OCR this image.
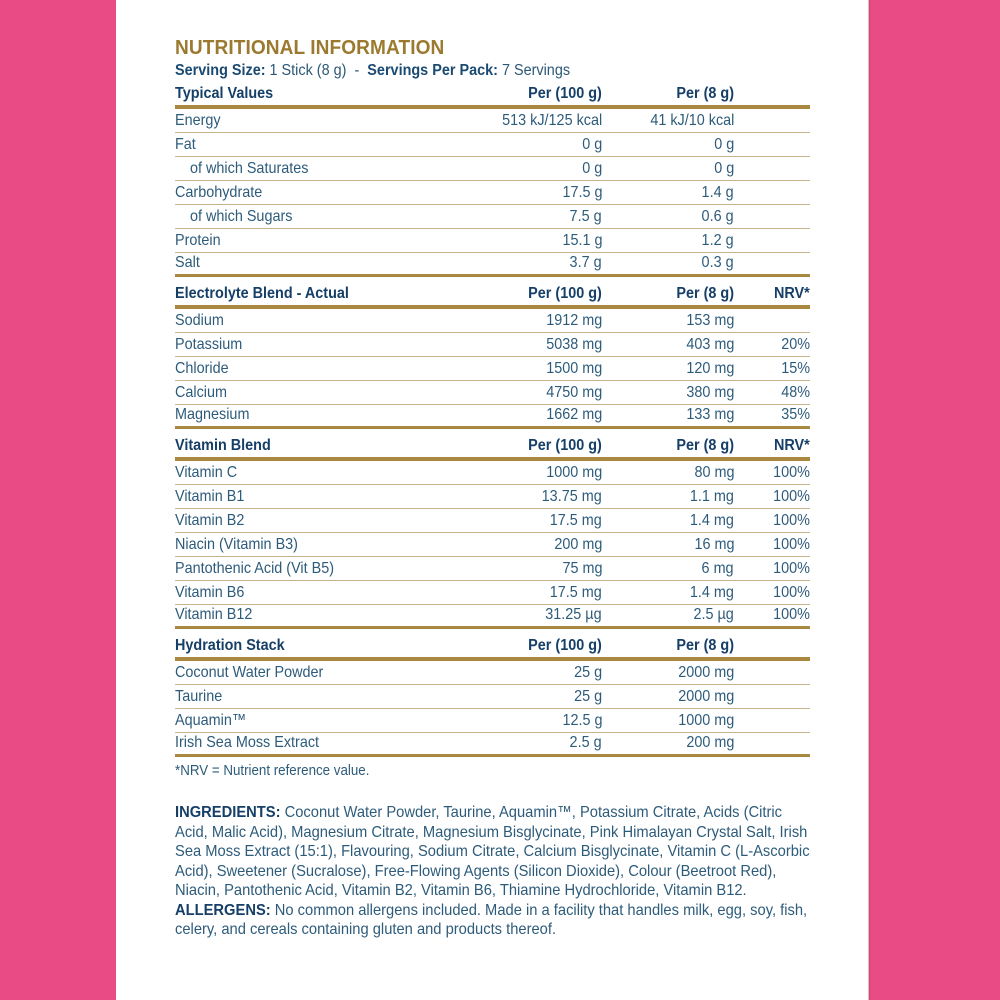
NUTRITIONAL INFORMATION
Serving Size: 1 Stick (8 g) - Servings Per Pack: 7 Servings
Typical Values	Per (100 g)	Per (8 g)
Energy	513 kJ/125 kcal	41 kJ/10 kcal
Fat	0 g	0 g
of which Saturates	0 g	0 g
Carbohydrate	17.5 g	1.4 g
of which Sugars	7.5 g	0.6 g
Protein	15.1 g	1.2 g
Salt	3.7 g	0.3 g
Electrolyte Blend - Actual	Per (100 g)	Per (8 g)	NRV*
Sodium	1912 mg	153 mg
Potassium	5038 mg	403 mg	20%
Chloride	1500 mg	120 mg	15%
Calcium	4750 mg	380 mg	48%
Magnesium	1662 mg	133 mg	35%
Vitamin Blend	Per (100 g)	Per (8 g)	NRV*
Vitamin C	1000 mg	80 mg	100%
Vitamin B1	13.75 mg	1.1 mg	100%
Vitamin B2	17.5 mg	1.4 mg	100%
Niacin (Vitamin B3)	200 mg	16 mg	100%
Pantothenic Acid (Vit B5)	75 mg	6 mg	100%
Vitamin B6	17.5 mg	1.4 mg	100%
Vitamin B12	31.25 µg	2.5 µg	100%
Hydration Stack	Per (100 g)	Per (8 g)
Coconut Water Powder	25 g	2000 mg
Taurine	25 g	2000 mg
Aquamin™	12.5 g	1000 mg
Irish Sea Moss Extract	2.5 g	200 mg
*NRV = Nutrient reference value.
INGREDIENTS: Coconut Water Powder, Taurine, Aquamin™, Potassium Citrate, Acids (Citric Acid, Malic Acid), Magnesium Citrate, Magnesium Bisglycinate, Pink Himalayan Crystal Salt, Irish Sea Moss Extract (15:1), Flavouring, Sodium Citrate, Calcium Bisglycinate, Vitamin C (L-Ascorbic Acid), Sweetener (Sucralose), Free-Flowing Agents (Silicon Dioxide), Colour (Beetroot Red), Niacin, Pantothenic Acid, Vitamin B2, Vitamin B6, Thiamine Hydrochloride, Vitamin B12. ALLERGENS: No common allergens included. Made in a facility that handles milk, egg, soy, fish, celery, and cereals containing gluten and products thereof.
